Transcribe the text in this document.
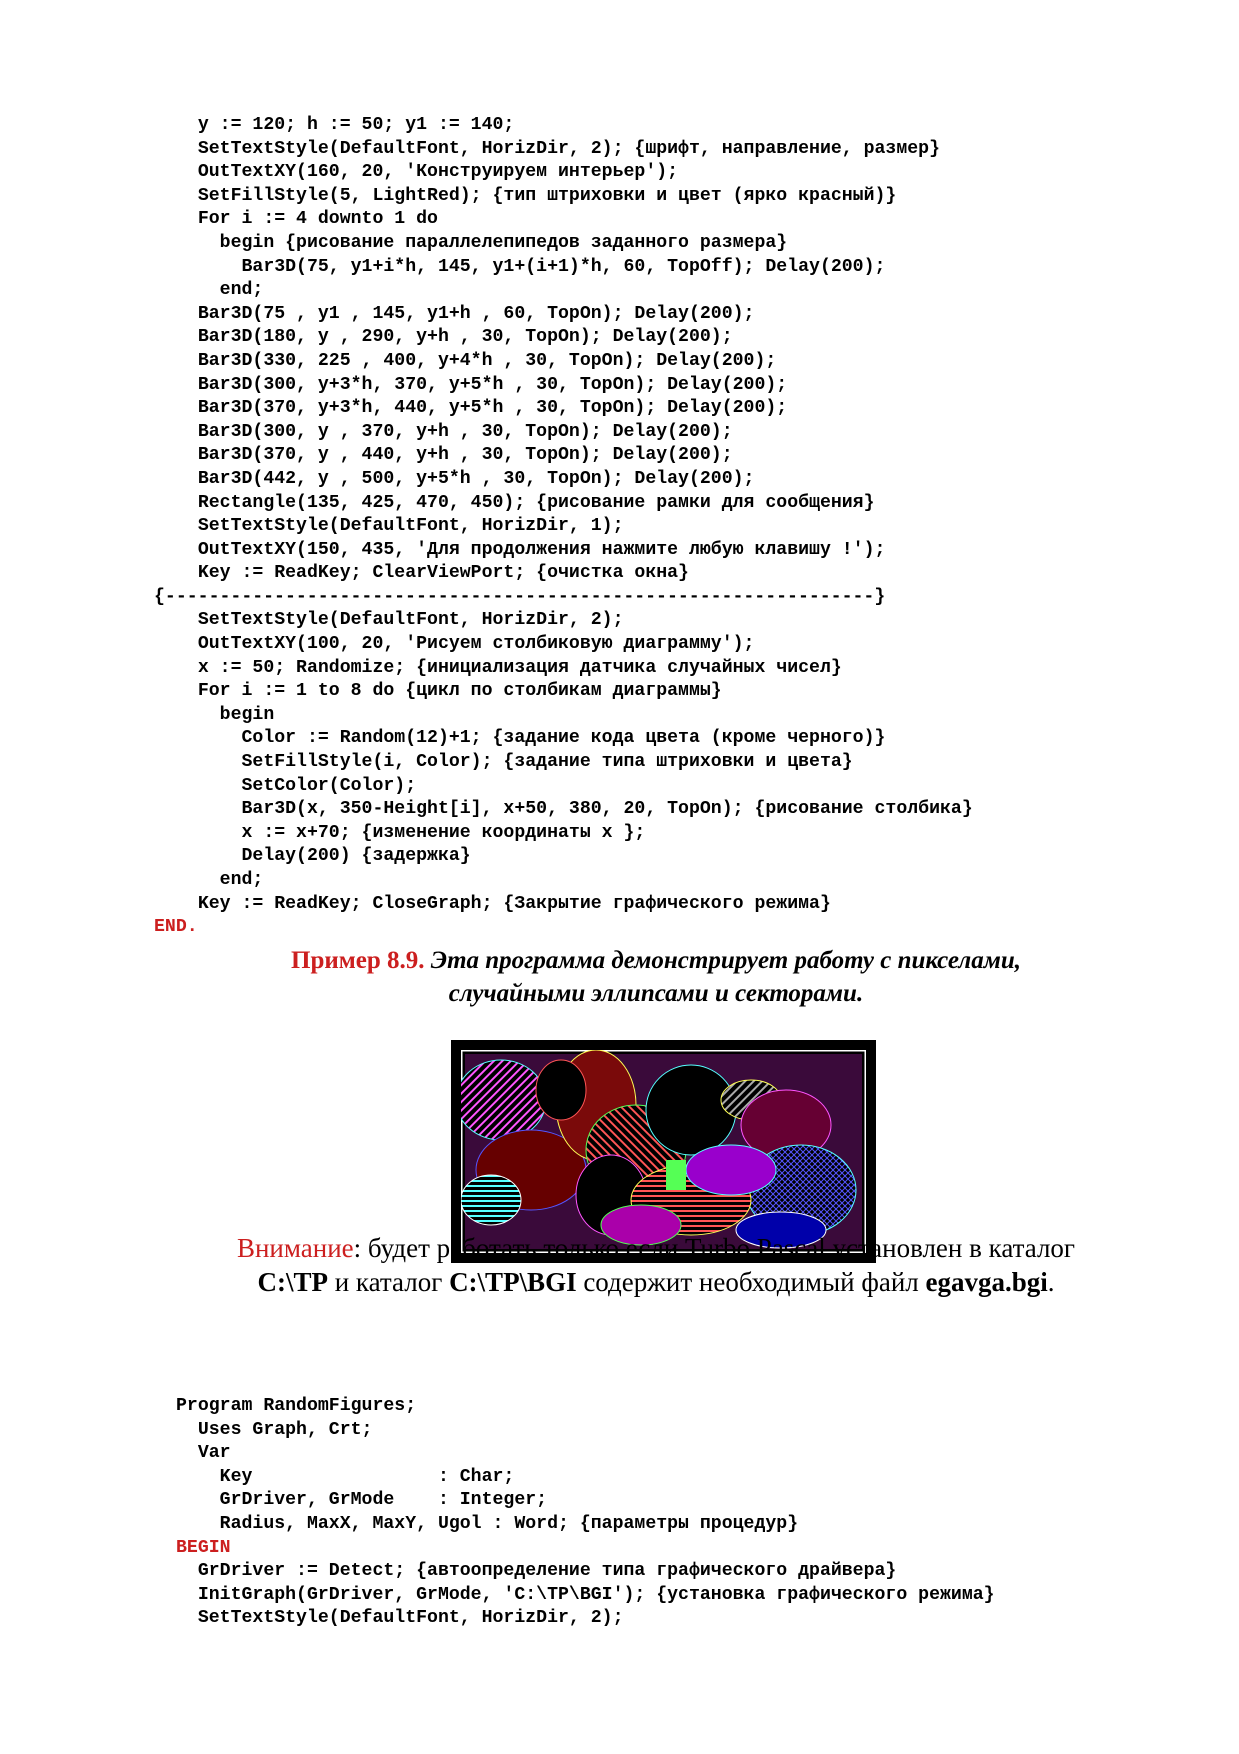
y := 120; h := 50; y1 := 140;
SetTextStyle(DefaultFont, HorizDir, 2); {шрифт, направление, размер}
OutTextXY(160, 20, 'Конструируем интерьер');
SetFillStyle(5, LightRed); {тип штриховки и цвет (ярко красный)}
For i := 4 downto 1 do
begin {рисование параллелепипедов заданного размера}
Bar3D(75, y1+i*h, 145, y1+(i+1)*h, 60, TopOff); Delay(200);
end;
Bar3D(75 , y1 , 145, y1+h , 60, TopOn); Delay(200);
Bar3D(180, y , 290, y+h , 30, TopOn); Delay(200);
Bar3D(330, 225 , 400, y+4*h , 30, TopOn); Delay(200);
Bar3D(300, y+3*h, 370, y+5*h , 30, TopOn); Delay(200);
Bar3D(370, y+3*h, 440, y+5*h , 30, TopOn); Delay(200);
Bar3D(300, y , 370, y+h , 30, TopOn); Delay(200);
Bar3D(370, y , 440, y+h , 30, TopOn); Delay(200);
Bar3D(442, y , 500, y+5*h , 30, TopOn); Delay(200);
Rectangle(135, 425, 470, 450); {рисование рамки для сообщения}
SetTextStyle(DefaultFont, HorizDir, 1);
OutTextXY(150, 435, 'Для продолжения нажмите любую клавишу !');
Key := ReadKey; ClearViewPort; {очистка окна}
{-----------------------------------------------------------------}
SetTextStyle(DefaultFont, HorizDir, 2);
OutTextXY(100, 20, 'Рисуем столбиковую диаграмму');
x := 50; Randomize; {инициализация датчика случайных чисел}
For i := 1 to 8 do {цикл по столбикам диаграммы}
begin
Color := Random(12)+1; {задание кода цвета (кроме черного)}
SetFillStyle(i, Color); {задание типа штриховки и цвета}
SetColor(Color);
Bar3D(x, 350-Height[i], x+50, 380, 20, TopOn); {рисование столбика}
x := x+70; {изменение координаты x };
Delay(200) {задержка}
end;
Key := ReadKey; CloseGraph; {Закрытие графического режима}
END.
Пример 8.9. Эта программа демонстрирует работу с пикселами,
случайными эллипсами и секторами.
Внимание: будет работать только если Turbo Pascal установлен в каталог
C:\TP и каталог C:\TP\BGI содержит необходимый файл egavga.bgi.
Program RandomFigures;
Uses Graph, Crt;
Var
Key                 : Char;
GrDriver, GrMode    : Integer;
Radius, MaxX, MaxY, Ugol : Word; {параметры процедур}
BEGIN
GrDriver := Detect; {автоопределение типа графического драйвера}
InitGraph(GrDriver, GrMode, 'C:\TP\BGI'); {установка графического режима}
SetTextStyle(DefaultFont, HorizDir, 2);
